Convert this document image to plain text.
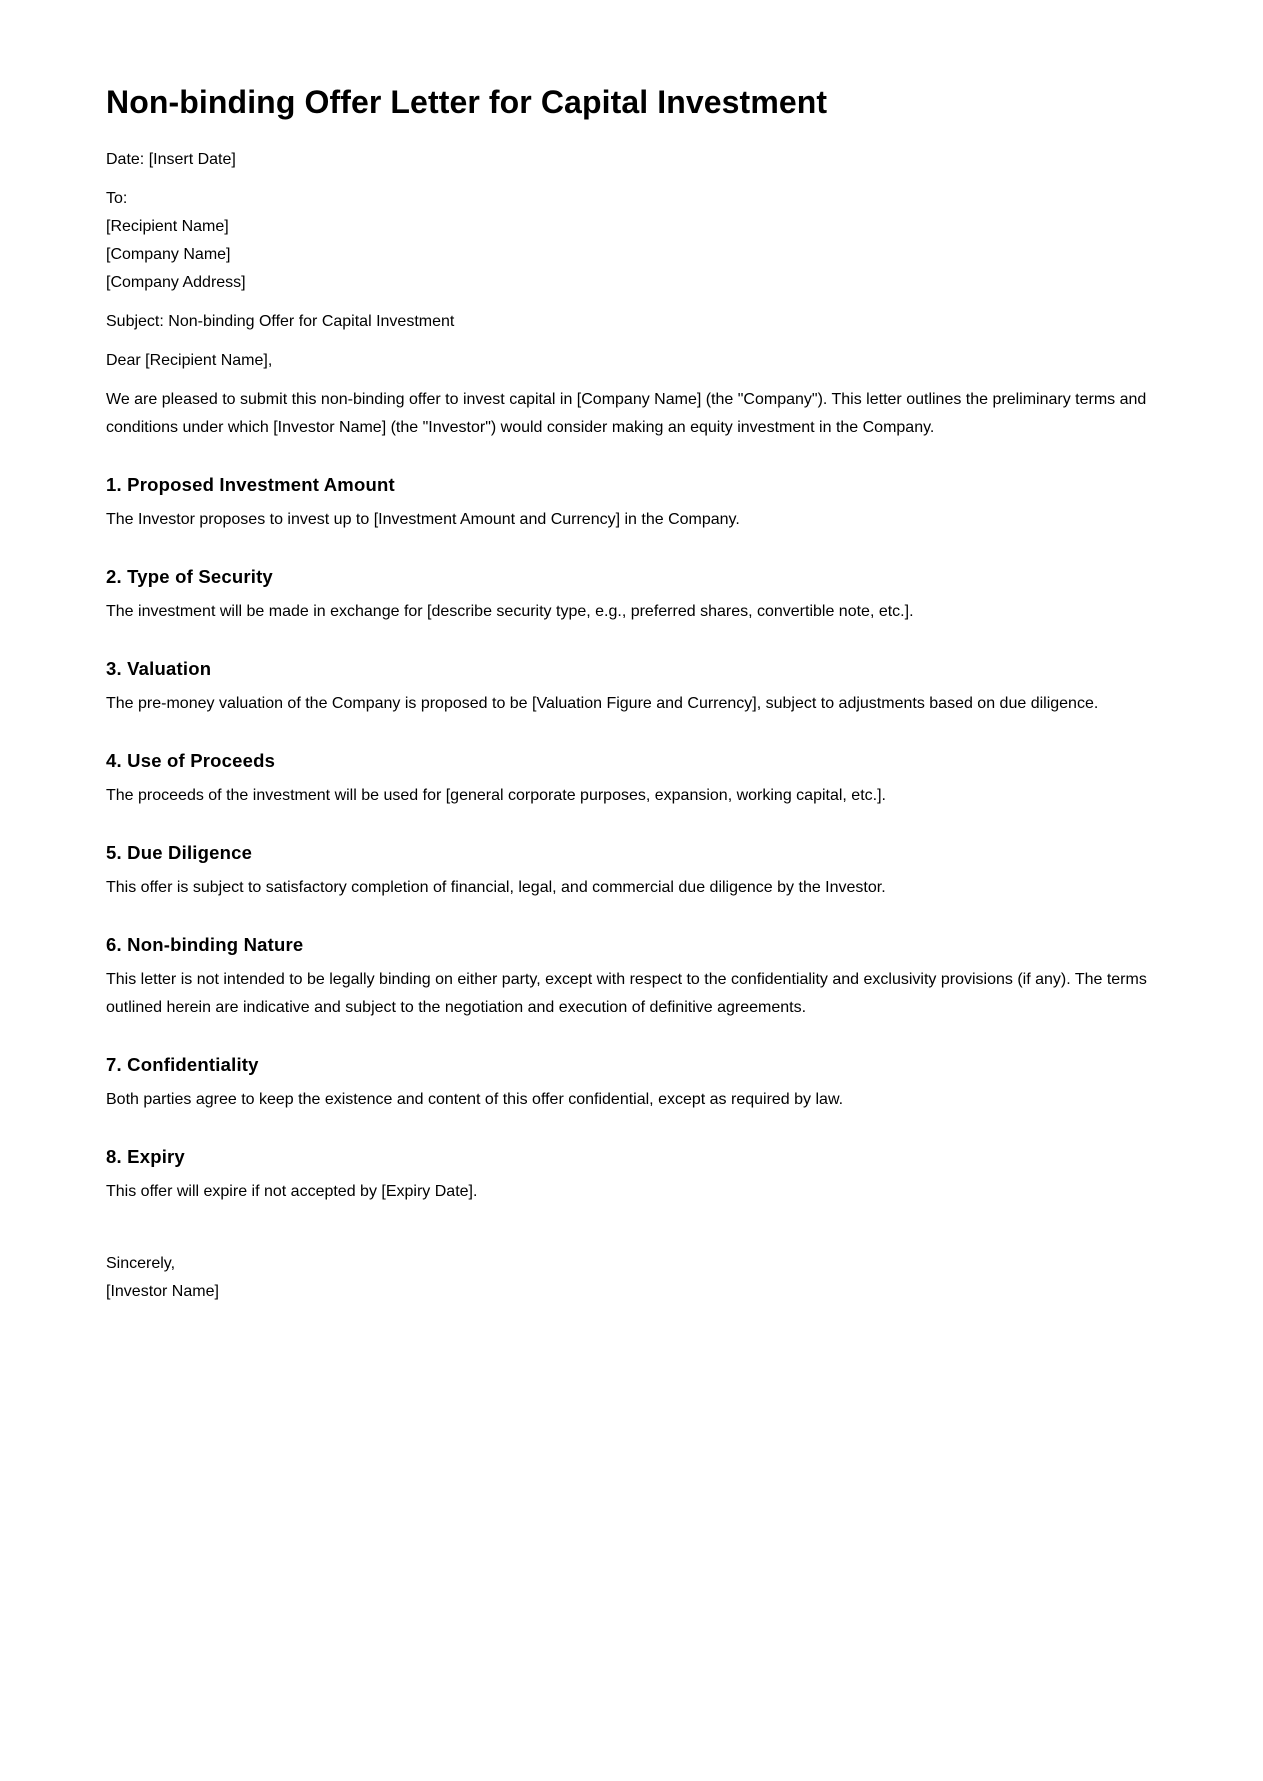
Non-binding Offer Letter for Capital Investment

Date: [Insert Date]

To:
[Recipient Name]
[Company Name]
[Company Address]

Subject: Non-binding Offer for Capital Investment

Dear [Recipient Name],

We are pleased to submit this non-binding offer to invest capital in [Company Name] (the "Company"). This letter outlines the preliminary terms and conditions under which [Investor Name] (the "Investor") would consider making an equity investment in the Company.

1. Proposed Investment Amount

The Investor proposes to invest up to [Investment Amount and Currency] in the Company.

2. Type of Security

The investment will be made in exchange for [describe security type, e.g., preferred shares, convertible note, etc.].

3. Valuation

The pre-money valuation of the Company is proposed to be [Valuation Figure and Currency], subject to adjustments based on due diligence.

4. Use of Proceeds

The proceeds of the investment will be used for [general corporate purposes, expansion, working capital, etc.].

5. Due Diligence

This offer is subject to satisfactory completion of financial, legal, and commercial due diligence by the Investor.

6. Non-binding Nature

This letter is not intended to be legally binding on either party, except with respect to the confidentiality and exclusivity provisions (if any). The terms outlined herein are indicative and subject to the negotiation and execution of definitive agreements.

7. Confidentiality

Both parties agree to keep the existence and content of this offer confidential, except as required by law.

8. Expiry

This offer will expire if not accepted by [Expiry Date].

Sincerely,
[Investor Name]
